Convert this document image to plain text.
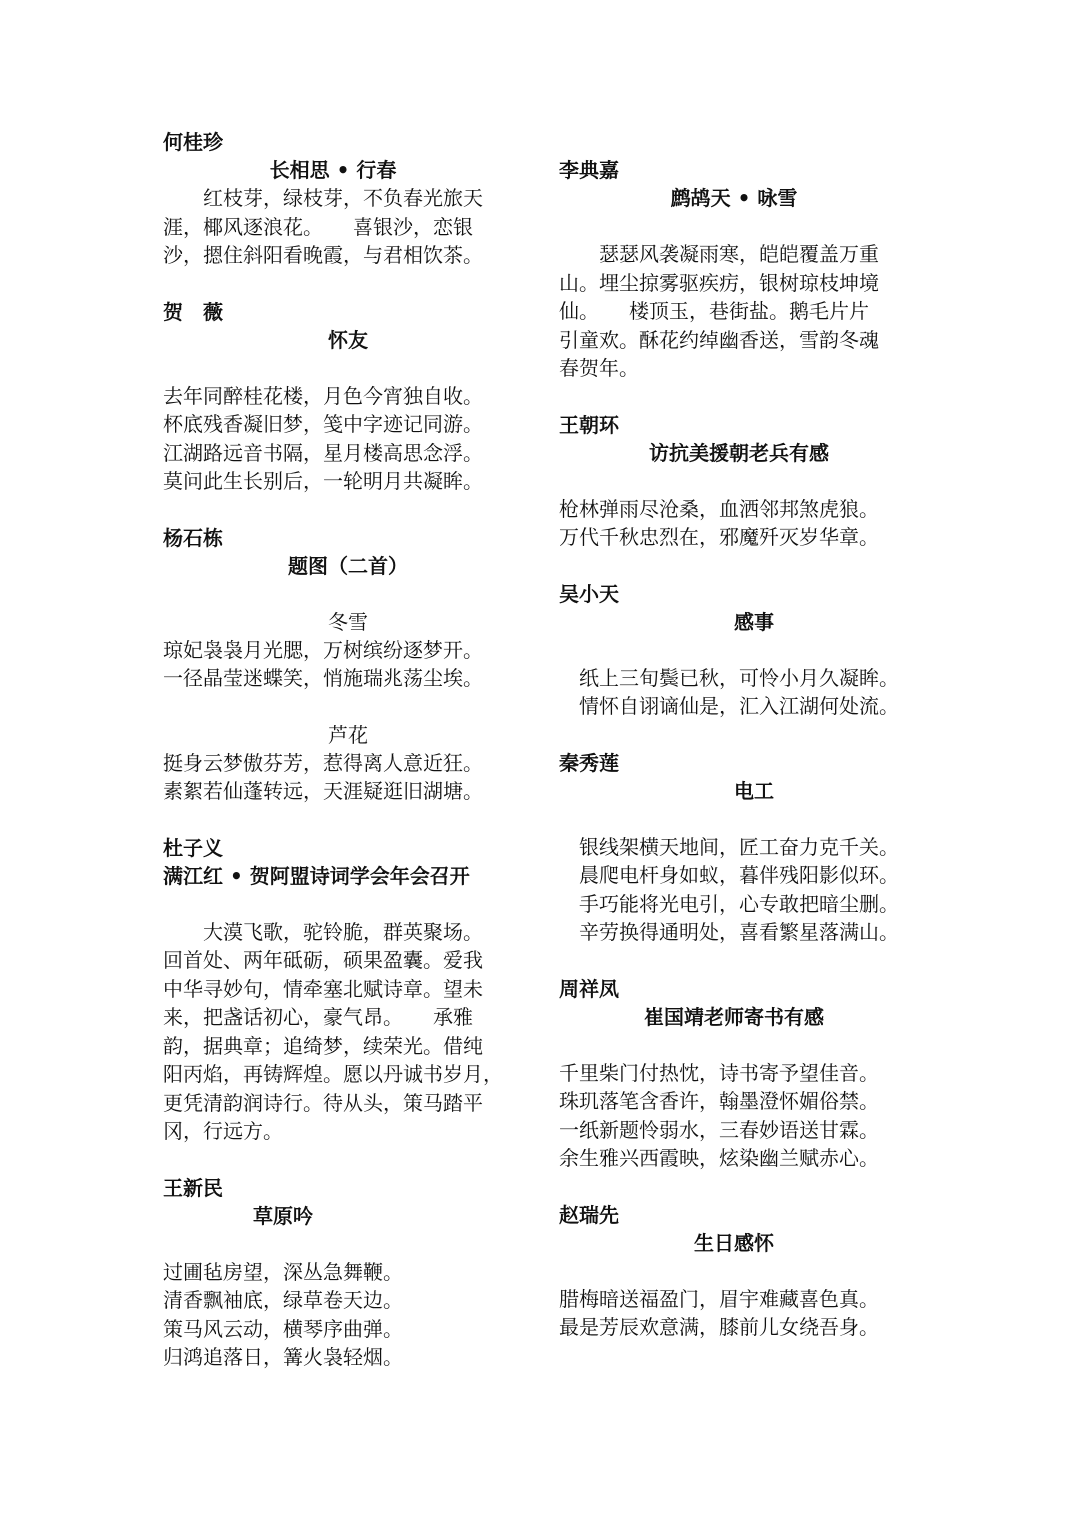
何桂珍
长相思 • 行春
　　红枝芽，绿枝芽，不负春光旅天
涯，椰风逐浪花。　　喜银沙，恋银
沙，摁住斜阳看晚霞，与君相饮茶。
贺　薇
怀友
去年同醉桂花楼，月色今宵独自收。
杯底残香凝旧梦，笺中字迹记同游。
江湖路远音书隔，星月楼高思念浮。
莫问此生长别后，一轮明月共凝眸。
杨石栋
题图（二首）
冬雪
琼妃袅袅月光腮，万树缤纷逐梦开。
一径晶莹迷蝶笑，悄施瑞兆荡尘埃。
芦花
挺身云梦傲芬芳，惹得离人意近狂。
素絮若仙蓬转远，天涯疑逛旧湖塘。
杜子义
满江红 • 贺阿盟诗词学会年会召开
　　大漠飞歌，驼铃脆，群英聚场。
回首处、两年砥砺，硕果盈囊。爱我
中华寻妙句，情牵塞北赋诗章。望未
来，把盏话初心，豪气昂。　　承雅
韵，据典章；追绮梦，续荣光。借纯
阳丙焰，再铸辉煌。愿以丹诚书岁月，
更凭清韵润诗行。待从头，策马踏平
冈，行远方。
王新民
草原吟
过圃毡房望，深丛急舞鞭。
清香飘袖底，绿草卷天边。
策马风云动，横琴序曲弹。
归鸿追落日，篝火袅轻烟。
李典嘉
鹧鸪天 • 咏雪
　　瑟瑟风袭凝雨寒，皑皑覆盖万重
山。埋尘掠雾驱疾疠，银树琼枝坤境
仙。　　楼顶玉，巷街盐。鹅毛片片
引童欢。酥花约绰幽香送，雪韵冬魂
春贺年。
王朝环
访抗美援朝老兵有感
枪林弹雨尽沧桑，血洒邻邦煞虎狼。
万代千秋忠烈在，邪魔歼灭岁华章。
吴小天
感事
　纸上三旬鬓已秋，可怜小月久凝眸。
　情怀自诩谪仙是，汇入江湖何处流。
秦秀莲
电工
　银线架横天地间，匠工奋力克千关。
　晨爬电杆身如蚁，暮伴残阳影似环。
　手巧能将光电引，心专敢把暗尘删。
　辛劳换得通明处，喜看繁星落满山。
周祥凤
崔国靖老师寄书有感
千里柴门付热忱，诗书寄予望佳音。
珠玑落笔含香许，翰墨澄怀媚俗禁。
一纸新题怜弱水，三春妙语送甘霖。
余生雅兴西霞映，炫染幽兰赋赤心。
赵瑞先
生日感怀
腊梅暗送福盈门，眉宇难藏喜色真。
最是芳辰欢意满，膝前儿女绕吾身。
